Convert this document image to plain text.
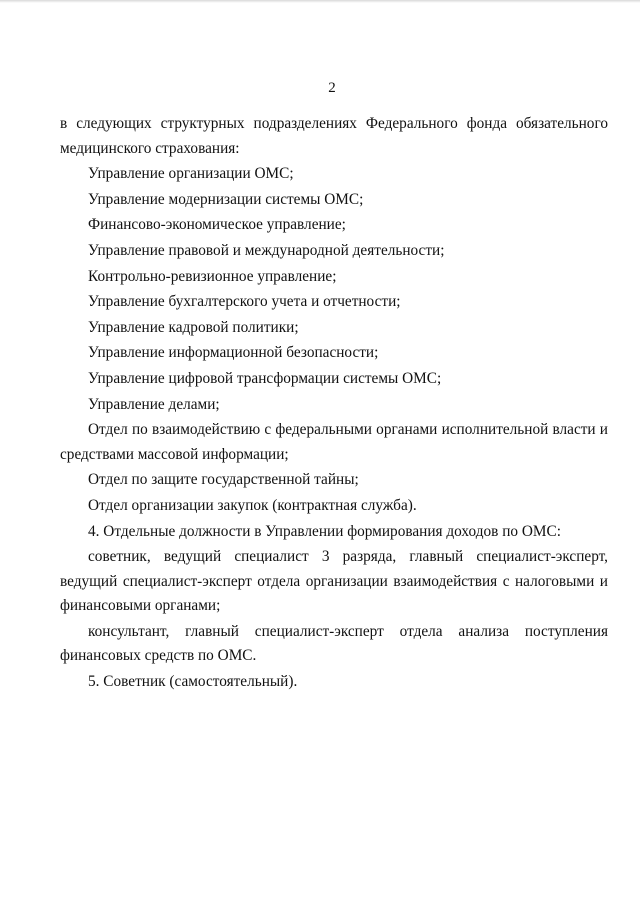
2

в следующих структурных подразделениях Федерального фонда обязательного медицинского страхования:

Управление организации ОМС;

Управление модернизации системы ОМС;

Финансово-экономическое управление;

Управление правовой и международной деятельности;

Контрольно-ревизионное управление;

Управление бухгалтерского учета и отчетности;

Управление кадровой политики;

Управление информационной безопасности;

Управление цифровой трансформации системы ОМС;

Управление делами;

Отдел по взаимодействию с федеральными органами исполнительной власти и средствами массовой информации;

Отдел по защите государственной тайны;

Отдел организации закупок (контрактная служба).

4. Отдельные должности в Управлении формирования доходов по ОМС:

советник, ведущий специалист 3 разряда, главный специалист-эксперт, ведущий специалист-эксперт отдела организации взаимодействия с налоговыми и финансовыми органами;

консультант, главный специалист-эксперт отдела анализа поступления финансовых средств по ОМС.

5. Советник (самостоятельный).
